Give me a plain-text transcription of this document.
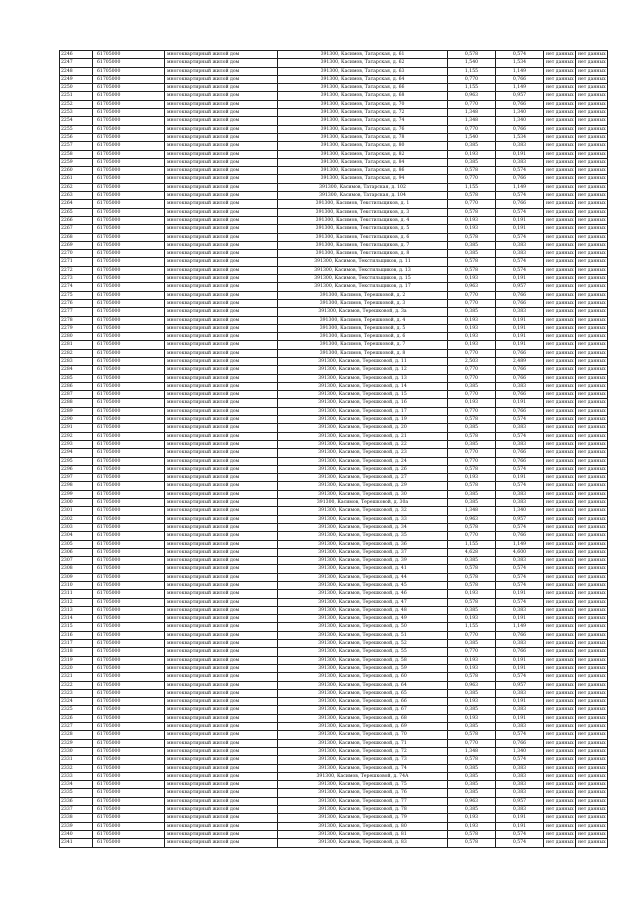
2246	61705000	многоквартирный жилой дом	391300, Касимов, Татарская, д. 61	0,578	0,574	нет данных	нет данных
2247	61705000	многоквартирный жилой дом	391300, Касимов, Татарская, д. 62	1,540	1,534	нет данных	нет данных
2248	61705000	многоквартирный жилой дом	391300, Касимов, Татарская, д. 63	1,155	1,149	нет данных	нет данных
2249	61705000	многоквартирный жилой дом	391300, Касимов, Татарская, д. 64	0,770	0,766	нет данных	нет данных
2250	61705000	многоквартирный жилой дом	391300, Касимов, Татарская, д. 66	1,155	1,149	нет данных	нет данных
2251	61705000	многоквартирный жилой дом	391300, Касимов, Татарская, д. 68	0,963	0,957	нет данных	нет данных
2252	61705000	многоквартирный жилой дом	391300, Касимов, Татарская, д. 70	0,770	0,766	нет данных	нет данных
2253	61705000	многоквартирный жилой дом	391300, Касимов, Татарская, д. 72	1,348	1,340	нет данных	нет данных
2254	61705000	многоквартирный жилой дом	391300, Касимов, Татарская, д. 74	1,348	1,340	нет данных	нет данных
2255	61705000	многоквартирный жилой дом	391300, Касимов, Татарская, д. 76	0,770	0,766	нет данных	нет данных
2256	61705000	многоквартирный жилой дом	391300, Касимов, Татарская, д. 78	1,540	1,534	нет данных	нет данных
2257	61705000	многоквартирный жилой дом	391300, Касимов, Татарская, д. 80	0,385	0,383	нет данных	нет данных
2258	61705000	многоквартирный жилой дом	391300, Касимов, Татарская, д. 82	0,193	0,191	нет данных	нет данных
2259	61705000	многоквартирный жилой дом	391300, Касимов, Татарская, д. 84	0,385	0,383	нет данных	нет данных
2260	61705000	многоквартирный жилой дом	391300, Касимов, Татарская, д. 86	0,578	0,574	нет данных	нет данных
2261	61705000	многоквартирный жилой дом	391300, Касимов, Татарская, д. 94	0,770	0,766	нет данных	нет данных
2262	61705000	многоквартирный жилой дом	391300, Касимов, Татарская, д. 102	1,155	1,149	нет данных	нет данных
2263	61705000	многоквартирный жилой дом	391300, Касимов, Татарская, д. 104	0,578	0,574	нет данных	нет данных
2264	61705000	многоквартирный жилой дом	391300, Касимов, Текстильщиков, д. 1	0,770	0,766	нет данных	нет данных
2265	61705000	многоквартирный жилой дом	391300, Касимов, Текстильщиков, д. 3	0,578	0,574	нет данных	нет данных
2266	61705000	многоквартирный жилой дом	391300, Касимов, Текстильщиков, д. 4	0,193	0,191	нет данных	нет данных
2267	61705000	многоквартирный жилой дом	391300, Касимов, Текстильщиков, д. 5	0,193	0,191	нет данных	нет данных
2268	61705000	многоквартирный жилой дом	391300, Касимов, Текстильщиков, д. 6	0,578	0,574	нет данных	нет данных
2269	61705000	многоквартирный жилой дом	391300, Касимов, Текстильщиков, д. 7	0,385	0,383	нет данных	нет данных
2270	61705000	многоквартирный жилой дом	391300, Касимов, Текстильщиков, д. 8	0,385	0,383	нет данных	нет данных
2271	61705000	многоквартирный жилой дом	391300, Касимов, Текстильщиков, д. 11	0,578	0,574	нет данных	нет данных
2272	61705000	многоквартирный жилой дом	391300, Касимов, Текстильщиков, д. 13	0,578	0,574	нет данных	нет данных
2273	61705000	многоквартирный жилой дом	391300, Касимов, Текстильщиков, д. 15	0,193	0,191	нет данных	нет данных
2274	61705000	многоквартирный жилой дом	391300, Касимов, Текстильщиков, д. 17	0,963	0,957	нет данных	нет данных
2275	61705000	многоквартирный жилой дом	391300, Касимов, Терешковой, д. 2	0,770	0,766	нет данных	нет данных
2276	61705000	многоквартирный жилой дом	391300, Касимов, Терешковой, д. 3	0,770	0,766	нет данных	нет данных
2277	61705000	многоквартирный жилой дом	391300, Касимов, Терешковой, д. 3а	0,385	0,383	нет данных	нет данных
2278	61705000	многоквартирный жилой дом	391300, Касимов, Терешковой, д. 4	0,193	0,191	нет данных	нет данных
2279	61705000	многоквартирный жилой дом	391300, Касимов, Терешковой, д. 5	0,193	0,191	нет данных	нет данных
2280	61705000	многоквартирный жилой дом	391300, Касимов, Терешковой, д. 6	0,193	0,191	нет данных	нет данных
2281	61705000	многоквартирный жилой дом	391300, Касимов, Терешковой, д. 7	0,193	0,191	нет данных	нет данных
2282	61705000	многоквартирный жилой дом	391300, Касимов, Терешковой, д. 8	0,770	0,766	нет данных	нет данных
2283	61705000	многоквартирный жилой дом	391300, Касимов, Терешковой, д. 11	2,503	2,489	нет данных	нет данных
2284	61705000	многоквартирный жилой дом	391300, Касимов, Терешковой, д. 12	0,770	0,766	нет данных	нет данных
2285	61705000	многоквартирный жилой дом	391300, Касимов, Терешковой, д. 13	0,770	0,766	нет данных	нет данных
2286	61705000	многоквартирный жилой дом	391300, Касимов, Терешковой, д. 14	0,385	0,383	нет данных	нет данных
2287	61705000	многоквартирный жилой дом	391300, Касимов, Терешковой, д. 15	0,770	0,766	нет данных	нет данных
2288	61705000	многоквартирный жилой дом	391300, Касимов, Терешковой, д. 16	0,193	0,191	нет данных	нет данных
2289	61705000	многоквартирный жилой дом	391300, Касимов, Терешковой, д. 17	0,770	0,766	нет данных	нет данных
2290	61705000	многоквартирный жилой дом	391300, Касимов, Терешковой, д. 19	0,578	0,574	нет данных	нет данных
2291	61705000	многоквартирный жилой дом	391300, Касимов, Терешковой, д. 20	0,385	0,383	нет данных	нет данных
2292	61705000	многоквартирный жилой дом	391300, Касимов, Терешковой, д. 21	0,578	0,574	нет данных	нет данных
2293	61705000	многоквартирный жилой дом	391300, Касимов, Терешковой, д. 22	0,385	0,383	нет данных	нет данных
2294	61705000	многоквартирный жилой дом	391300, Касимов, Терешковой, д. 23	0,770	0,766	нет данных	нет данных
2295	61705000	многоквартирный жилой дом	391300, Касимов, Терешковой, д. 24	0,770	0,766	нет данных	нет данных
2296	61705000	многоквартирный жилой дом	391300, Касимов, Терешковой, д. 26	0,578	0,574	нет данных	нет данных
2297	61705000	многоквартирный жилой дом	391300, Касимов, Терешковой, д. 27	0,193	0,191	нет данных	нет данных
2298	61705000	многоквартирный жилой дом	391300, Касимов, Терешковой, д. 29	0,578	0,574	нет данных	нет данных
2299	61705000	многоквартирный жилой дом	391300, Касимов, Терешковой, д. 30	0,385	0,383	нет данных	нет данных
2300	61705000	многоквартирный жилой дом	391300, Касимов, Терешковой, д. 30а	0,385	0,383	нет данных	нет данных
2301	61705000	многоквартирный жилой дом	391300, Касимов, Терешковой, д. 32	1,348	1,340	нет данных	нет данных
2302	61705000	многоквартирный жилой дом	391300, Касимов, Терешковой, д. 33	0,963	0,957	нет данных	нет данных
2303	61705000	многоквартирный жилой дом	391300, Касимов, Терешковой, д. 34	0,578	0,574	нет данных	нет данных
2304	61705000	многоквартирный жилой дом	391300, Касимов, Терешковой, д. 35	0,770	0,766	нет данных	нет данных
2305	61705000	многоквартирный жилой дом	391300, Касимов, Терешковой, д. 36	1,155	1,149	нет данных	нет данных
2306	61705000	многоквартирный жилой дом	391300, Касимов, Терешковой, д. 37	4,628	4,600	нет данных	нет данных
2307	61705000	многоквартирный жилой дом	391300, Касимов, Терешковой, д. 39	0,385	0,383	нет данных	нет данных
2308	61705000	многоквартирный жилой дом	391300, Касимов, Терешковой, д. 41	0,578	0,574	нет данных	нет данных
2309	61705000	многоквартирный жилой дом	391300, Касимов, Терешковой, д. 44	0,578	0,574	нет данных	нет данных
2310	61705000	многоквартирный жилой дом	391300, Касимов, Терешковой, д. 45	0,578	0,574	нет данных	нет данных
2311	61705000	многоквартирный жилой дом	391300, Касимов, Терешковой, д. 46	0,193	0,191	нет данных	нет данных
2312	61705000	многоквартирный жилой дом	391300, Касимов, Терешковой, д. 47	0,578	0,574	нет данных	нет данных
2313	61705000	многоквартирный жилой дом	391300, Касимов, Терешковой, д. 48	0,385	0,383	нет данных	нет данных
2314	61705000	многоквартирный жилой дом	391300, Касимов, Терешковой, д. 49	0,193	0,191	нет данных	нет данных
2315	61705000	многоквартирный жилой дом	391300, Касимов, Терешковой, д. 50	1,155	1,149	нет данных	нет данных
2316	61705000	многоквартирный жилой дом	391300, Касимов, Терешковой, д. 51	0,770	0,766	нет данных	нет данных
2317	61705000	многоквартирный жилой дом	391300, Касимов, Терешковой, д. 52	0,385	0,383	нет данных	нет данных
2318	61705000	многоквартирный жилой дом	391300, Касимов, Терешковой, д. 55	0,770	0,766	нет данных	нет данных
2319	61705000	многоквартирный жилой дом	391300, Касимов, Терешковой, д. 58	0,193	0,191	нет данных	нет данных
2320	61705000	многоквартирный жилой дом	391300, Касимов, Терешковой, д. 59	0,193	0,191	нет данных	нет данных
2321	61705000	многоквартирный жилой дом	391300, Касимов, Терешковой, д. 60	0,578	0,574	нет данных	нет данных
2322	61705000	многоквартирный жилой дом	391300, Касимов, Терешковой, д. 64	0,963	0,957	нет данных	нет данных
2323	61705000	многоквартирный жилой дом	391300, Касимов, Терешковой, д. 65	0,385	0,383	нет данных	нет данных
2324	61705000	многоквартирный жилой дом	391300, Касимов, Терешковой, д. 66	0,193	0,191	нет данных	нет данных
2325	61705000	многоквартирный жилой дом	391300, Касимов, Терешковой, д. 67	0,385	0,383	нет данных	нет данных
2326	61705000	многоквартирный жилой дом	391300, Касимов, Терешковой, д. 68	0,193	0,191	нет данных	нет данных
2327	61705000	многоквартирный жилой дом	391300, Касимов, Терешковой, д. 69	0,385	0,383	нет данных	нет данных
2328	61705000	многоквартирный жилой дом	391300, Касимов, Терешковой, д. 70	0,578	0,574	нет данных	нет данных
2329	61705000	многоквартирный жилой дом	391300, Касимов, Терешковой, д. 71	0,770	0,766	нет данных	нет данных
2330	61705000	многоквартирный жилой дом	391300, Касимов, Терешковой, д. 72	1,348	1,340	нет данных	нет данных
2331	61705000	многоквартирный жилой дом	391300, Касимов, Терешковой, д. 73	0,578	0,574	нет данных	нет данных
2332	61705000	многоквартирный жилой дом	391300, Касимов, Терешковой, д. 74	0,385	0,383	нет данных	нет данных
2333	61705000	многоквартирный жилой дом	391300, Касимов, Терешковой, д. 74А	0,385	0,383	нет данных	нет данных
2334	61705000	многоквартирный жилой дом	391300, Касимов, Терешковой, д. 75	0,385	0,383	нет данных	нет данных
2335	61705000	многоквартирный жилой дом	391300, Касимов, Терешковой, д. 76	0,385	0,383	нет данных	нет данных
2336	61705000	многоквартирный жилой дом	391300, Касимов, Терешковой, д. 77	0,963	0,957	нет данных	нет данных
2337	61705000	многоквартирный жилой дом	391300, Касимов, Терешковой, д. 78	0,385	0,383	нет данных	нет данных
2338	61705000	многоквартирный жилой дом	391300, Касимов, Терешковой, д. 79	0,193	0,191	нет данных	нет данных
2339	61705000	многоквартирный жилой дом	391300, Касимов, Терешковой, д. 80	0,193	0,191	нет данных	нет данных
2340	61705000	многоквартирный жилой дом	391300, Касимов, Терешковой, д. 81	0,578	0,574	нет данных	нет данных
2341	61705000	многоквартирный жилой дом	391300, Касимов, Терешковой, д. 83	0,578	0,574	нет данных	нет данных
